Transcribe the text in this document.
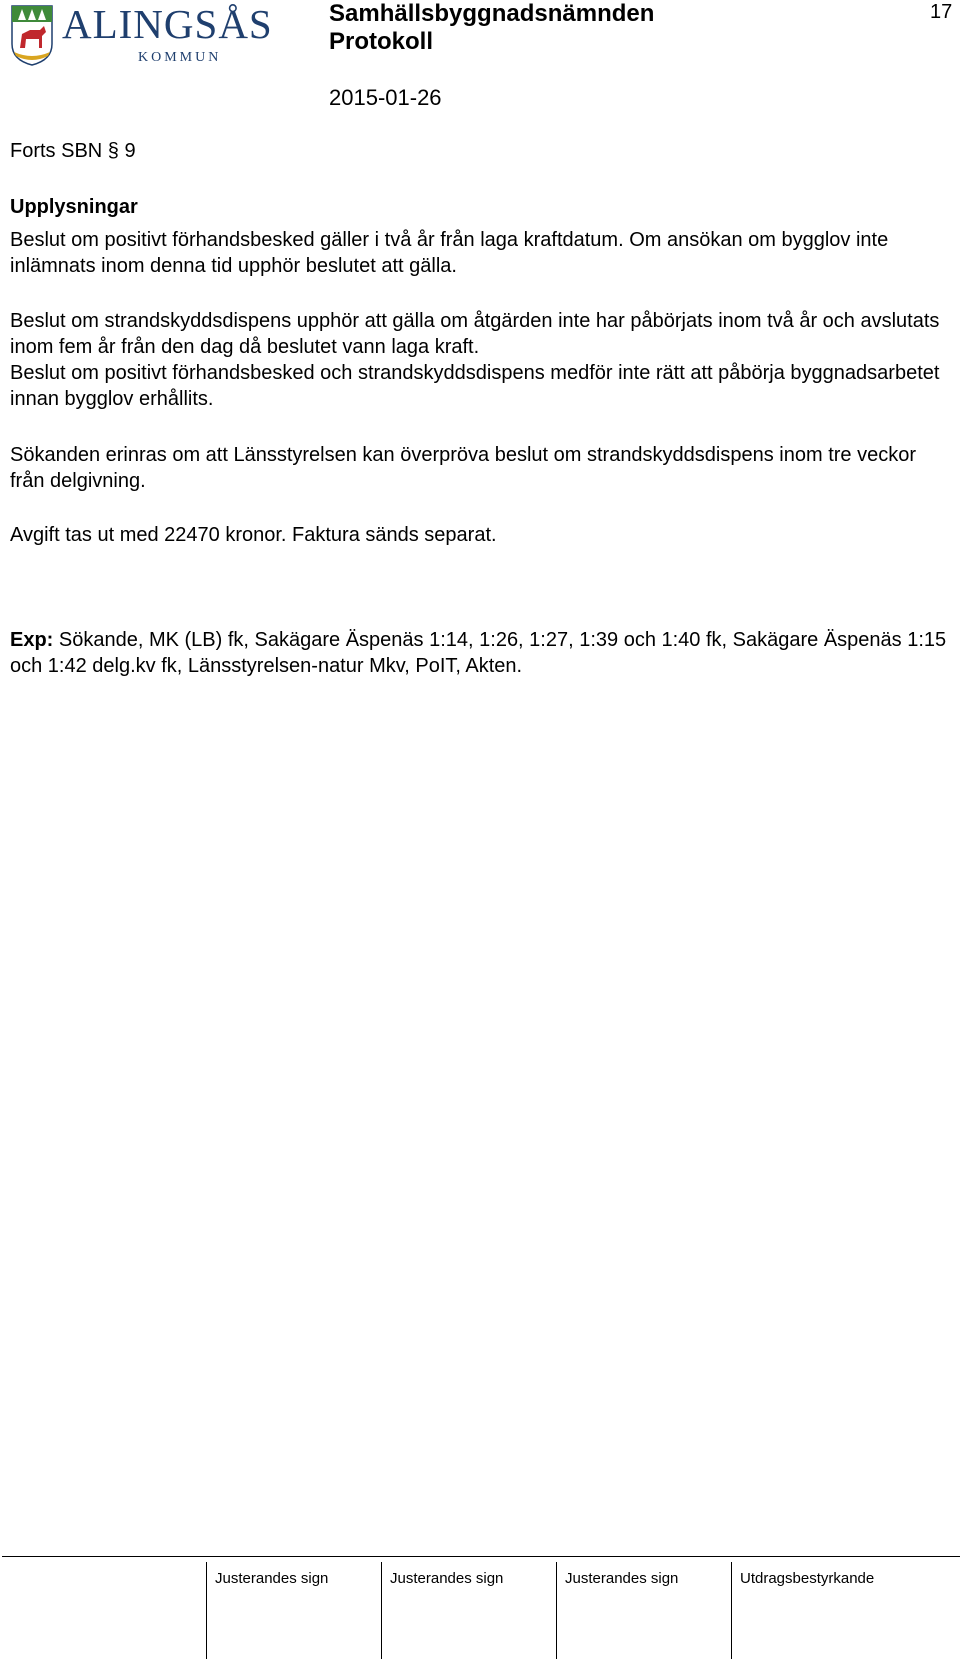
ALINGSÅS
KOMMUN
Samhällsbyggnadsnämnden
Protokoll
2015-01-26
17
Forts SBN § 9
Upplysningar
Beslut om positivt förhandsbesked gäller i två år från laga kraftdatum. Om ansökan om bygglov inte inlämnats inom denna tid upphör beslutet att gälla.

Beslut om strandskyddsdispens upphör att gälla om åtgärden inte har påbörjats inom två år och avslutats inom fem år från den dag då beslutet vann laga kraft.

Beslut om positivt förhandsbesked och strandskyddsdispens medför inte rätt att påbörja byggnadsarbetet innan bygglov erhållits.

Sökanden erinras om att Länsstyrelsen kan överpröva beslut om strandskyddsdispens inom tre veckor från delgivning.
Avgift tas ut med 22470 kronor. Faktura sänds separat.
Exp: Sökande, MK (LB) fk, Sakägare Äspenäs 1:14, 1:26, 1:27, 1:39 och 1:40 fk, Sakägare Äspenäs 1:15 och 1:42 delg.kv fk, Länsstyrelsen-natur Mkv, PoIT, Akten.
Justerandes sign	Justerandes sign	Justerandes sign	Utdragsbestyrkande
